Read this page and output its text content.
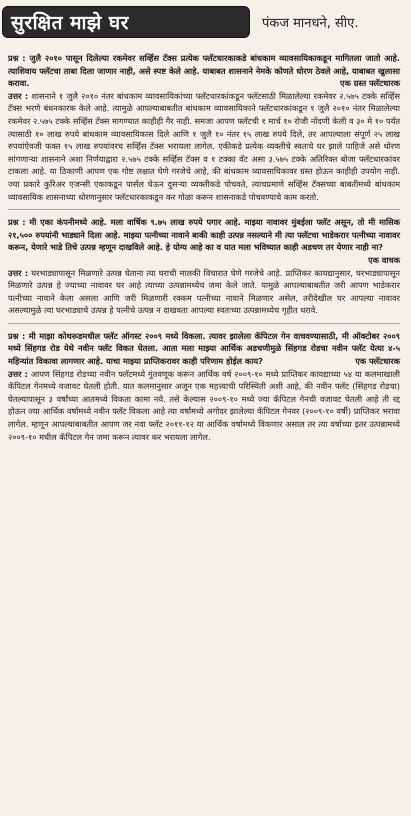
सुरक्षित माझे घर	पंकज मानधने, सीए.

प्रश्न : जुलै २०१० पासून दिलेल्या रकमेवर सर्व्हिस टॅक्स प्रत्येक फ्लॅटधारकाकडे बांधकाम व्यावसायिकाकडून मागितला जातो आहे. त्याशिवाय फ्लॅटचा ताबा दिला जाणार नाही, असे स्पष्ट केले आहे. याबाबत शासनाने नेमके कोणते धोरण ठेवले आहे, याबाबत खुलासा करावा.	एक ग्रस्त फ्लॅटधारक

उत्तर : शासनाने १ जुलै २०१० नंतर बांधकाम व्यावसायिकांच्या फ्लॅटधारकांकडून फ्लॅटसाठी मिळालेल्या रकमेवर २.५७५ टक्के सर्व्हिस टॅक्स भरणे बंधनकारक केले आहे. त्यामुळे आपल्याबाबतीत बांधकाम व्यावसायिकाने फ्लॅटधारकांकडून १ जुलै २०१० नंतर मिळालेल्या रकमेवर २.५७५ टक्के सर्व्हिस टॅक्स मागण्यात काहीही गैर नाही. समजा आपण फ्लॅटची १ मार्च १० रोजी नोंदणी केली व ३० मे १० पर्यंत त्यासाठी १० लाख रुपये बांधकाम व्यावसायिकास दिले आणि १ जुलै १० नंतर १५ लाख रुपये दिले, तर आपल्याला संपूर्ण २५ लाख रुपयांऐवजी फक्त १५ लाख रुपयांवरच सर्व्हिस टॅक्स भरायला लागेल. एकीकडे प्रत्येक व्यक्तीचे स्वतःचे घर झाले पाहिजे असे धोरण सांगणाऱ्या शासनाने अशा निर्णयाद्वारा २.५७५ टक्के सर्व्हिस टॅक्स व १ टक्का वॅट असा ३.५७५ टक्के अतिरिक्त बोजा फ्लॅटधारकांवर टाकला आहे. या ठिकाणी आपण एक गोष्ट लक्षात घेणे गरजेचे आहे, की बांधकाम व्यावसायिकावर ग्रस्त होऊन काहीही उपयोग नाही. ज्या प्रकारे कुरिअर एजन्सी एकाकडून पार्सल घेऊन दुसऱ्या व्यक्तीकडे पोचवते, त्याचप्रमाणे सर्व्हिस टॅक्सच्या बाबतीमध्ये बांधकाम व्यावसायिक शासनाच्या धोरणानुसार फ्लॅटधारकाकडून कर गोळा करून शासनाकडे पोचवण्याचे काम करतो.

प्रश्न : मी एका कंपनीमध्ये आहे. मला वार्षिक ९.७५ लाख रुपये पगार आहे. माझ्या नावावर मुंबईला फ्लॅट असून, तो मी मासिक २१,५०० रुपयांनी भाड्याने दिला आहे. माझ्या पत्नीच्या नावाने बाकी काही उत्पन्न नसल्याने मी त्या फ्लॅटचा भाडेकरार पत्नीच्या नावावर करून, येणारे भाडे तिचे उत्पन्न म्हणून दाखविले आहे. हे योग्य आहे का व यात मला भविष्यात काही अडचण तर येणार नाही ना?
एक वाचक

उत्तर : घरभाड्यापासून मिळणारे उत्पन्न घेताना त्या घराची मालकी विचारात घेणे गरजेचे आहे. प्राप्तिकर कायद्यानुसार, घरभाड्यापासून मिळणारे उत्पन्न हे ज्याच्या नावावर घर आहे त्याच्या उत्पन्नामध्येच जमा केले जाते. यामुळे आपल्याबाबतीत जरी आपण भाडेकरार पत्नीच्या नावाने केला असला आणि जरी मिळणारी रक्कम पत्नीच्या नावाने मिळणार असेल, तरीदेखील घर आपल्या नावावर असल्यामुळे त्या घरभाड्याचे उत्पन्न हे पत्नीचे उत्पन्न न दाखवता आपल्या स्वतःच्या उत्पन्नामध्येच गृहीत धरावे.

प्रश्न : मी माझा कोथरूडमधील फ्लॅट ऑगस्ट २००९ मध्ये विकला. त्यावर झालेला कॅपिटल गेन वाचवण्यासाठी, मी ऑक्टोबर २००९ मध्ये सिंहगड रोड येथे नवीन फ्लॅट विकत घेतला. आता मला माझ्या आर्थिक अडचणीमुळे सिंहगड रोडचा नवीन फ्लॅट येत्या ४-५ महिन्यांत विकावा लागणार आहे. याचा माझ्या प्राप्तिकरावर काही परिणाम होईल काय?	एक फ्लॅटधारक

उत्तर : आपण सिंहगड रोडच्या नवीन फ्लॅटमध्ये गुंतवणूक करून आर्थिक वर्ष २००९-१० मध्ये प्राप्तिकर कायद्याच्या ५४ या कलमाखाली कॅपिटल गेनमध्ये वजावट घेतली होती. यात कलमानुसार अजून एक महत्त्वाची परिस्थिती अशी आहे, की नवीन फ्लॅट (सिंहगड रोडचा) घेतल्यापासून ३ वर्षांच्या आतमध्ये विकता कामा नये. तसे केल्यास २००९-१० मध्ये ज्या कॅपिटल गेनची वजावट घेतली आहे ती रद्द होऊन ज्या आर्थिक वर्षामध्ये नवीन फ्लॅट विकला आहे त्या वर्षामध्ये अगोदर झालेल्या कॅपिटल गेनवर (२००९-१० वर्षी) प्राप्तिकर भरावा लागेल. म्हणून आपल्याबाबतीत आपण जर नवा फ्लॅट २०११-१२ या आर्थिक वर्षामध्ये विकणार असाल तर त्या वर्षाच्या इतर उत्पन्नामध्ये २००९-१० मधील कॅपिटल गेन जमा करून त्यावर कर भरायला लागेल.
